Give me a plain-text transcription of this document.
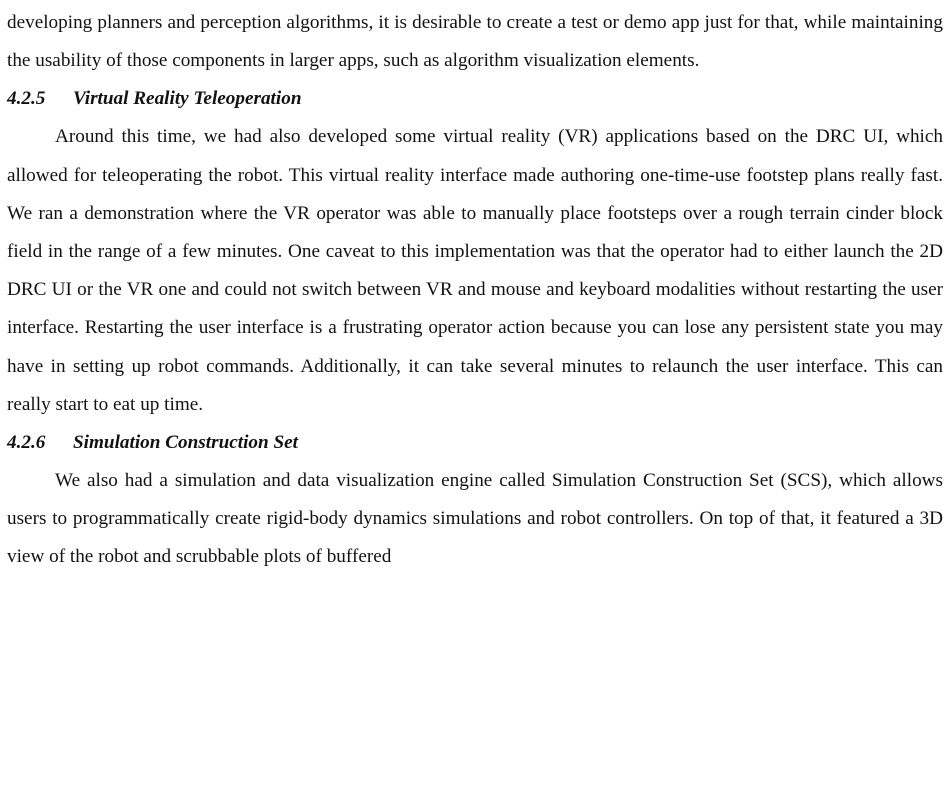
developing planners and perception algorithms, it is desirable to create a test or demo app just for that, while maintaining the usability of those components in larger apps, such as algorithm visualization elements.

4.2.5 Virtual Reality Teleoperation

Around this time, we had also developed some virtual reality (VR) applications based on the DRC UI, which allowed for teleoperating the robot. This virtual reality interface made authoring one-time-use footstep plans really fast. We ran a demonstration where the VR operator was able to manually place footsteps over a rough terrain cinder block field in the range of a few minutes. One caveat to this implementation was that the operator had to either launch the 2D DRC UI or the VR one and could not switch between VR and mouse and keyboard modalities without restarting the user interface. Restarting the user interface is a frustrating operator action because you can lose any persistent state you may have in setting up robot commands. Additionally, it can take several minutes to relaunch the user interface. This can really start to eat up time.

4.2.6 Simulation Construction Set

We also had a simulation and data visualization engine called Simulation Construction Set (SCS), which allows users to programmatically create rigid-body dynamics simulations and robot controllers. On top of that, it featured a 3D view of the robot and scrubbable plots of buffered
